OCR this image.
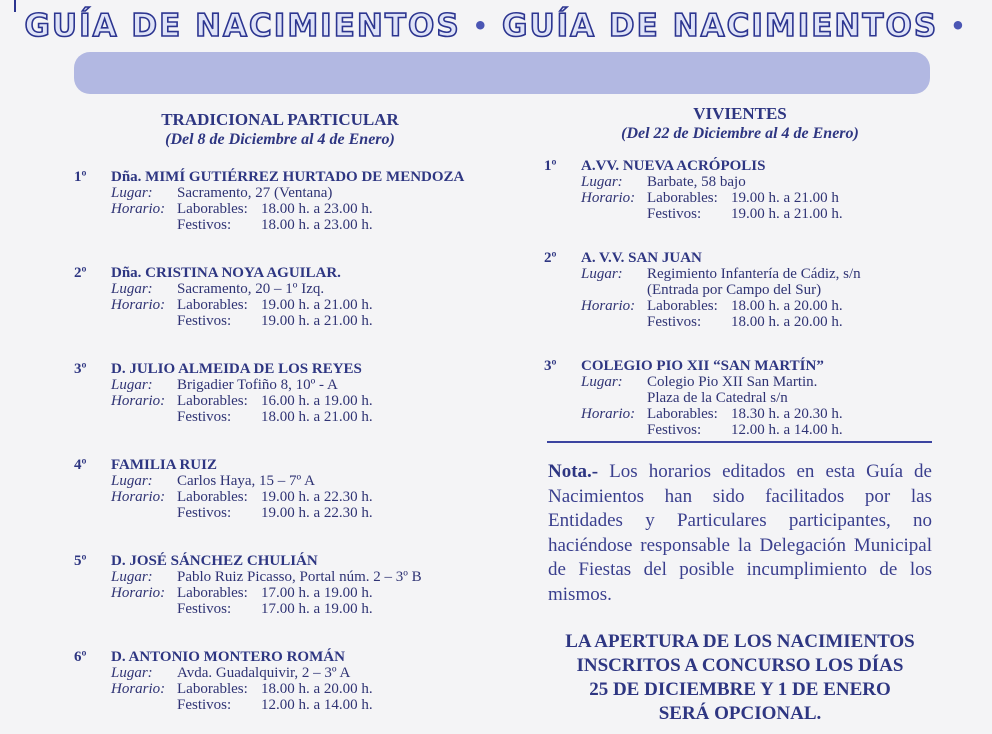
GUÍA DE NACIMIENTOS • GUÍA DE NACIMIENTOS •
TRADICIONAL PARTICULAR
(Del 8 de Diciembre al 4 de Enero)
1º Dña. MIMÍ GUTIÉRREZ HURTADO DE MENDOZA
Lugar:	Sacramento, 27 (Ventana)
Horario: Laborables: 18.00 h. a 23.00 h.
Festivos:	18.00 h. a 23.00 h.
2º Dña. CRISTINA NOYA AGUILAR.
Lugar:	Sacramento, 20 – 1º Izq.
Horario: Laborables: 19.00 h. a 21.00 h.
Festivos:	19.00 h. a 21.00 h.
3º D. JULIO ALMEIDA DE LOS REYES
Lugar:	Brigadier Tofiño 8, 10º - A
Horario: Laborables: 16.00 h. a 19.00 h.
Festivos:	18.00 h. a 21.00 h.
4º FAMILIA RUIZ
Lugar:	Carlos Haya, 15 – 7º A
Horario: Laborables: 19.00 h. a 22.30 h.
Festivos:	19.00 h. a 22.30 h.
5º D. JOSÉ SÁNCHEZ CHULIÁN
Lugar:	Pablo Ruiz Picasso, Portal núm. 2 – 3º B
Horario: Laborables: 17.00 h. a 19.00 h.
Festivos:	17.00 h. a 19.00 h.
6º D. ANTONIO MONTERO ROMÁN
Lugar:	Avda. Guadalquivir, 2 – 3º A
Horario: Laborables: 18.00 h. a 20.00 h.
Festivos:	12.00 h. a 14.00 h.
VIVIENTES
(Del 22 de Diciembre al 4 de Enero)
1º A.VV. NUEVA ACRÓPOLIS
Lugar:	Barbate, 58 bajo
Horario: Laborables: 19.00 h. a 21.00 h
Festivos:	19.00 h. a 21.00 h.
2º A. V.V. SAN JUAN
Lugar:	Regimiento Infantería de Cádiz, s/n
(Entrada por Campo del Sur)
Horario: Laborables: 18.00 h. a 20.00 h.
Festivos:	18.00 h. a 20.00 h.
3º COLEGIO PIO XII “SAN MARTÍN”
Lugar:	Colegio Pio XII San Martin.
Plaza de la Catedral s/n
Horario: Laborables: 18.30 h. a 20.30 h.
Festivos:	12.00 h. a 14.00 h.
Nota.- Los horarios editados en esta Guía de Nacimientos han sido facilitados por las Entidades y Particulares participantes, no haciéndose responsable la Delegación Municipal de Fiestas del posible incumplimiento de los mismos.
LA APERTURA DE LOS NACIMIENTOS
INSCRITOS A CONCURSO LOS DÍAS
25 DE DICIEMBRE Y 1 DE ENERO
SERÁ OPCIONAL.
